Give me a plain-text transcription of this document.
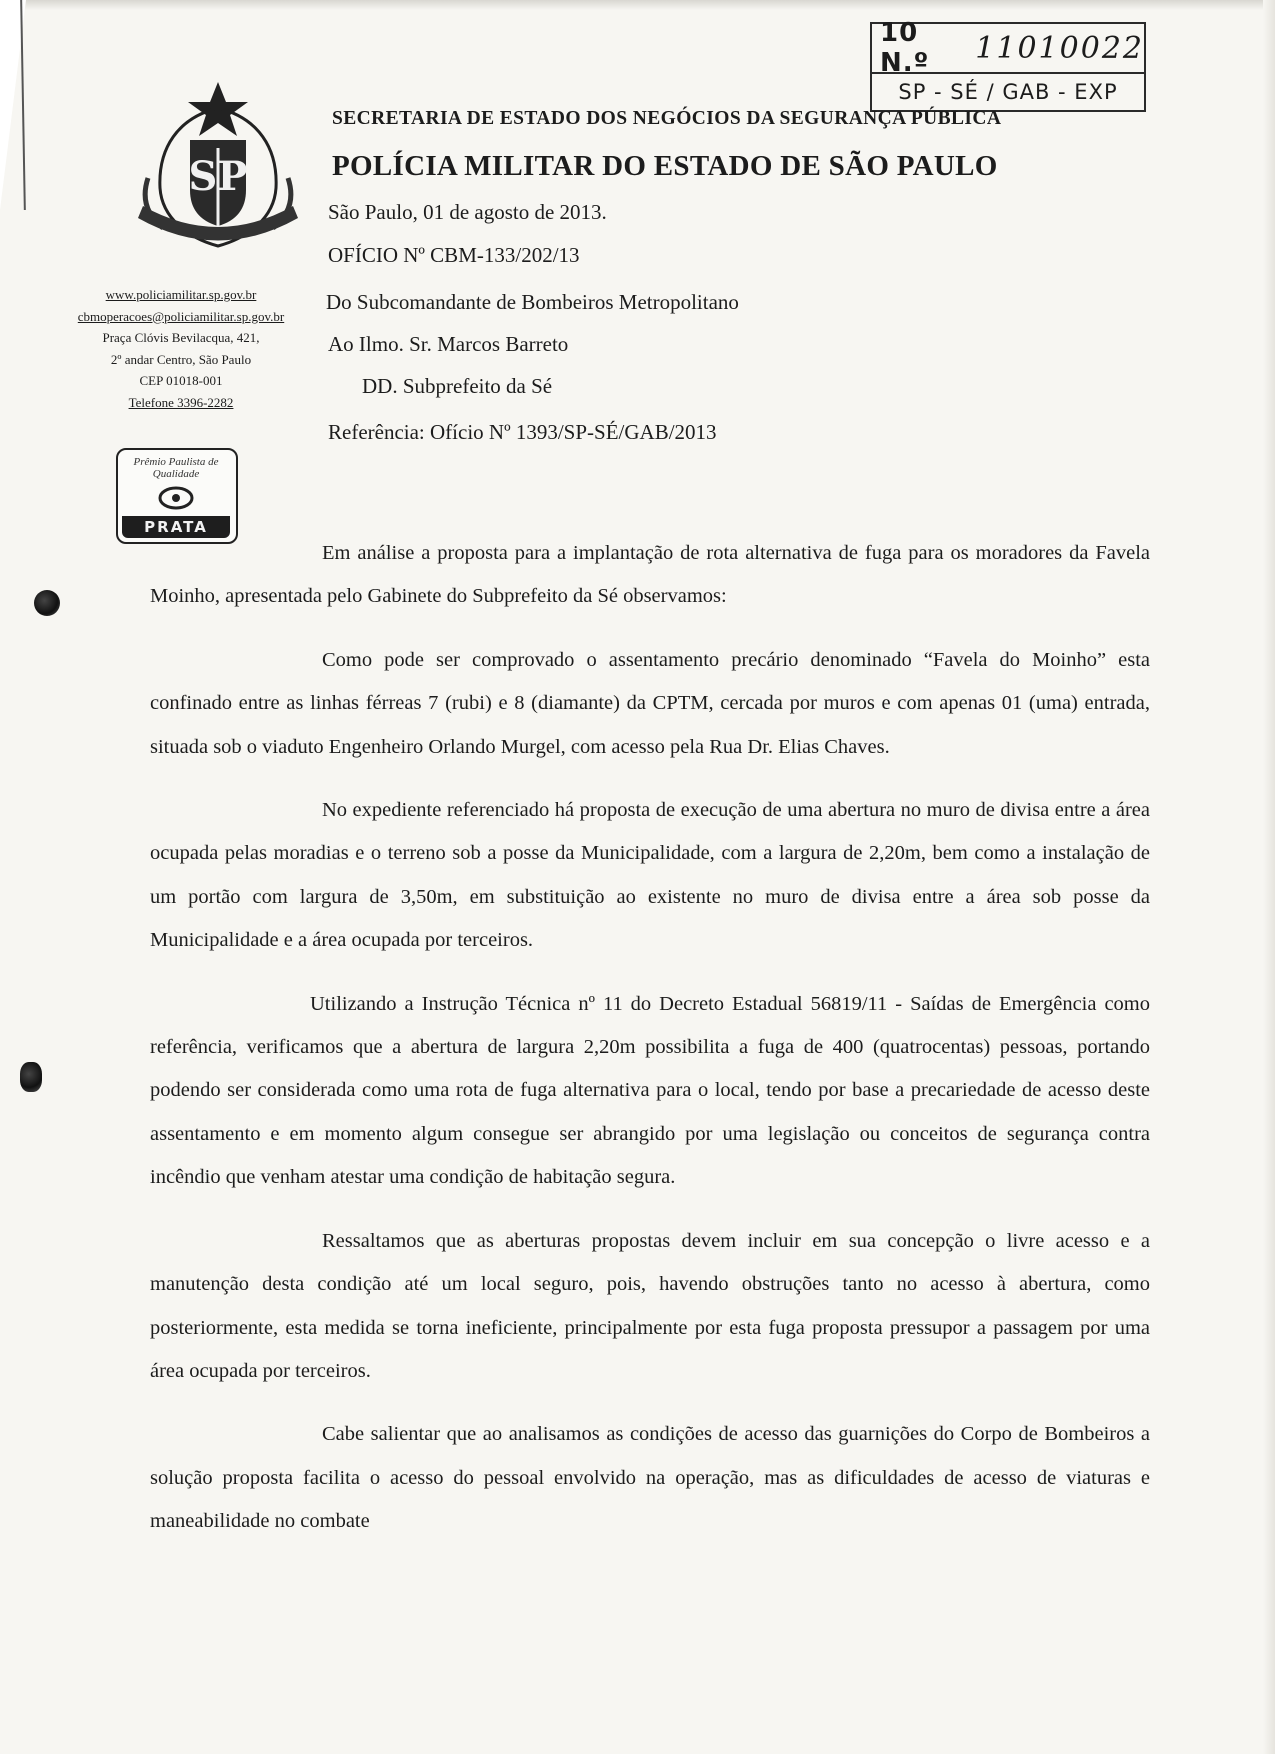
10 N.º	11010022
SP - SÉ / GAB - EXP
SP
SECRETARIA DE ESTADO DOS NEGÓCIOS DA SEGURANÇA PÚBLICA
POLÍCIA MILITAR DO ESTADO DE SÃO PAULO
São Paulo, 01 de agosto de 2013.
OFÍCIO Nº CBM-133/202/13
Do Subcomandante de Bombeiros Metropolitano
Ao Ilmo. Sr. Marcos Barreto
DD. Subprefeito da Sé
Referência: Ofício Nº 1393/SP-SÉ/GAB/2013
www.policiamilitar.sp.gov.br
cbmoperacoes@policiamilitar.sp.gov.br
Praça Clóvis Bevilacqua, 421,
2º andar Centro, São Paulo
CEP 01018-001
Telefone 3396-2282
Prêmio Paulista de Qualidade
PRATA

Em análise a proposta para a implantação de rota alternativa de fuga para os moradores da Favela Moinho, apresentada pelo Gabinete do Subprefeito da Sé observamos:

Como pode ser comprovado o assentamento precário denominado “Favela do Moinho” esta confinado entre as linhas férreas 7 (rubi) e 8 (diamante) da CPTM, cercada por muros e com apenas 01 (uma) entrada, situada sob o viaduto Engenheiro Orlando Murgel, com acesso pela Rua Dr. Elias Chaves.

No expediente referenciado há proposta de execução de uma abertura no muro de divisa entre a área ocupada pelas moradias e o terreno sob a posse da Municipalidade, com a largura de 2,20m, bem como a instalação de um portão com largura de 3,50m, em substituição ao existente no muro de divisa entre a área sob posse da Municipalidade e a área ocupada por terceiros.

Utilizando a Instrução Técnica nº 11 do Decreto Estadual 56819/11 - Saídas de Emergência como referência, verificamos que a abertura de largura 2,20m possibilita a fuga de 400 (quatrocentas) pessoas, portando podendo ser considerada como uma rota de fuga alternativa para o local, tendo por base a precariedade de acesso deste assentamento e em momento algum consegue ser abrangido por uma legislação ou conceitos de segurança contra incêndio que venham atestar uma condição de habitação segura.

Ressaltamos que as aberturas propostas devem incluir em sua concepção o livre acesso e a manutenção desta condição até um local seguro, pois, havendo obstruções tanto no acesso à abertura, como posteriormente, esta medida se torna ineficiente, principalmente por esta fuga proposta pressupor a passagem por uma área ocupada por terceiros.

Cabe salientar que ao analisamos as condições de acesso das guarnições do Corpo de Bombeiros a solução proposta facilita o acesso do pessoal envolvido na operação, mas as dificuldades de acesso de viaturas e maneabilidade no combate
